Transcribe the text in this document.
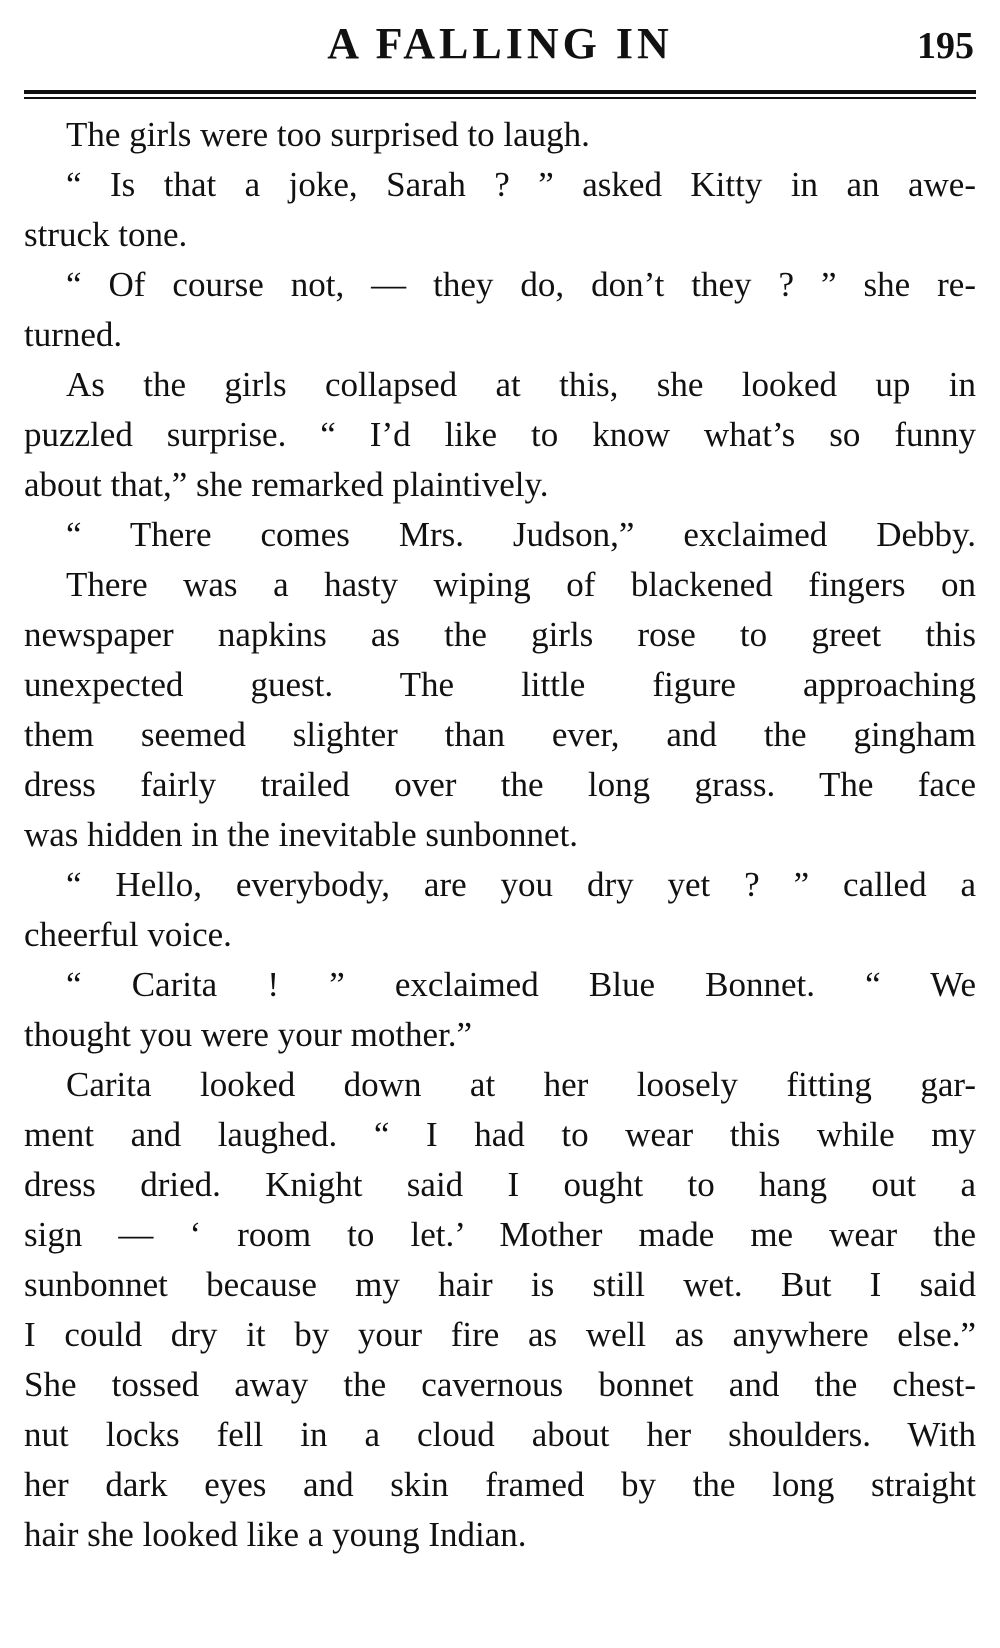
A FALLING IN	195
The girls were too surprised to laugh.
“ Is that a joke, Sarah ? ” asked Kitty in an awe-
struck tone.
“ Of course not, — they do, don’t they ? ” she re-
turned.
As the girls collapsed at this, she looked up in
puzzled surprise. “ I’d like to know what’s so funny
about that,” she remarked plaintively.
“ There comes Mrs. Judson,” exclaimed Debby.
There was a hasty wiping of blackened fingers on
newspaper napkins as the girls rose to greet this
unexpected guest. The little figure approaching
them seemed slighter than ever, and the gingham
dress fairly trailed over the long grass. The face
was hidden in the inevitable sunbonnet.
“ Hello, everybody, are you dry yet ? ” called a
cheerful voice.
“ Carita ! ” exclaimed Blue Bonnet. “ We
thought you were your mother.”
Carita looked down at her loosely fitting gar-
ment and laughed. “ I had to wear this while my
dress dried. Knight said I ought to hang out a
sign — ‘ room to let.’ Mother made me wear the
sunbonnet because my hair is still wet. But I said
I could dry it by your fire as well as anywhere else.”
She tossed away the cavernous bonnet and the chest-
nut locks fell in a cloud about her shoulders. With
her dark eyes and skin framed by the long straight
hair she looked like a young Indian.
